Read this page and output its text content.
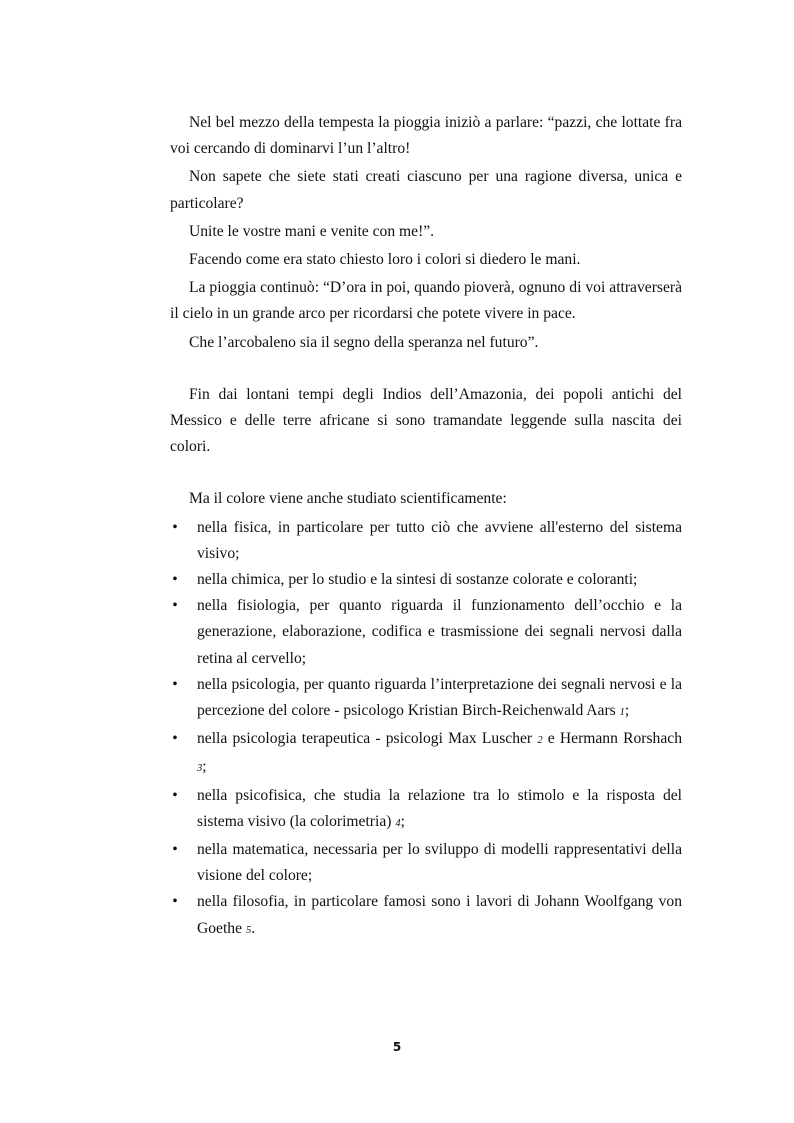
Nel bel mezzo della tempesta la pioggia iniziò a parlare: “pazzi, che lottate fra voi cercando di dominarvi l’un l’altro!

Non sapete che siete stati creati ciascuno per una ragione diversa, unica e particolare?

Unite le vostre mani e venite con me!”.

Facendo come era stato chiesto loro i colori si diedero le mani.

La pioggia continuò: “D’ora in poi, quando pioverà, ognuno di voi attraverserà il cielo in un grande arco per ricordarsi che potete vivere in pace.

Che l’arcobaleno sia il segno della speranza nel futuro”.

Fin dai lontani tempi degli Indios dell’Amazonia, dei popoli antichi del Messico e delle terre africane si sono tramandate leggende sulla nascita dei colori.

Ma il colore viene anche studiato scientificamente:

• nella fisica, in particolare per tutto ciò che avviene all'esterno del sistema visivo;
• nella chimica, per lo studio e la sintesi di sostanze colorate e coloranti;
• nella fisiologia, per quanto riguarda il funzionamento dell’occhio e la generazione, elaborazione, codifica e trasmissione dei segnali nervosi dalla retina al cervello;
• nella psicologia, per quanto riguarda l’interpretazione dei segnali nervosi e la percezione del colore - psicologo Kristian Birch-Reichenwald Aars 1;
• nella psicologia terapeutica - psicologi Max Luscher 2 e Hermann Rorshach 3;
• nella psicofisica, che studia la relazione tra lo stimolo e la risposta del sistema visivo (la colorimetria) 4;
• nella matematica, necessaria per lo sviluppo di modelli rappresentativi della visione del colore;
• nella filosofia, in particolare famosi sono i lavori di Johann Woolfgang von Goethe 5.
5
